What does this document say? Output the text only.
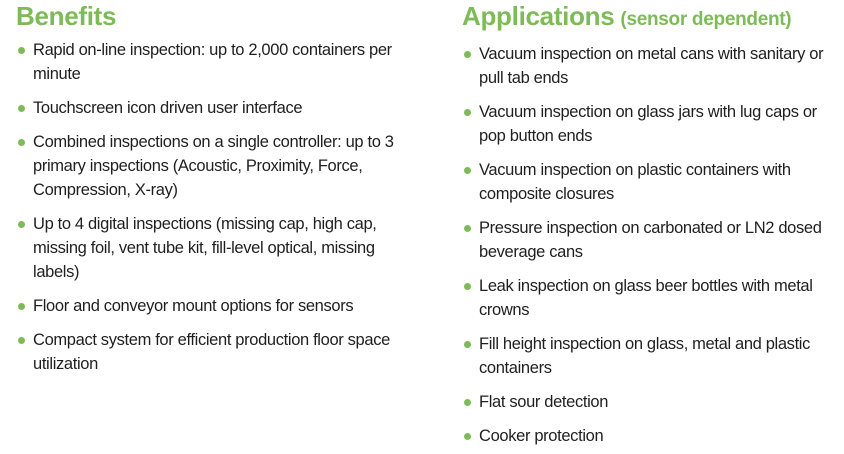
Benefits
Rapid on-line inspection: up to 2,000 containers per minute
Touchscreen icon driven user interface
Combined inspections on a single controller: up to 3 primary inspections (Acoustic, Proximity, Force, Compression, X-ray)
Up to 4 digital inspections (missing cap, high cap, missing foil, vent tube kit, fill-level optical, missing labels)
Floor and conveyor mount options for sensors
Compact system for efficient production floor space utilization
Applications (sensor dependent)
Vacuum inspection on metal cans with sanitary or pull tab ends
Vacuum inspection on glass jars with lug caps or pop button ends
Vacuum inspection on plastic containers with composite closures
Pressure inspection on carbonated or LN2 dosed beverage cans
Leak inspection on glass beer bottles with metal crowns
Fill height inspection on glass, metal and plastic containers
Flat sour detection
Cooker protection
